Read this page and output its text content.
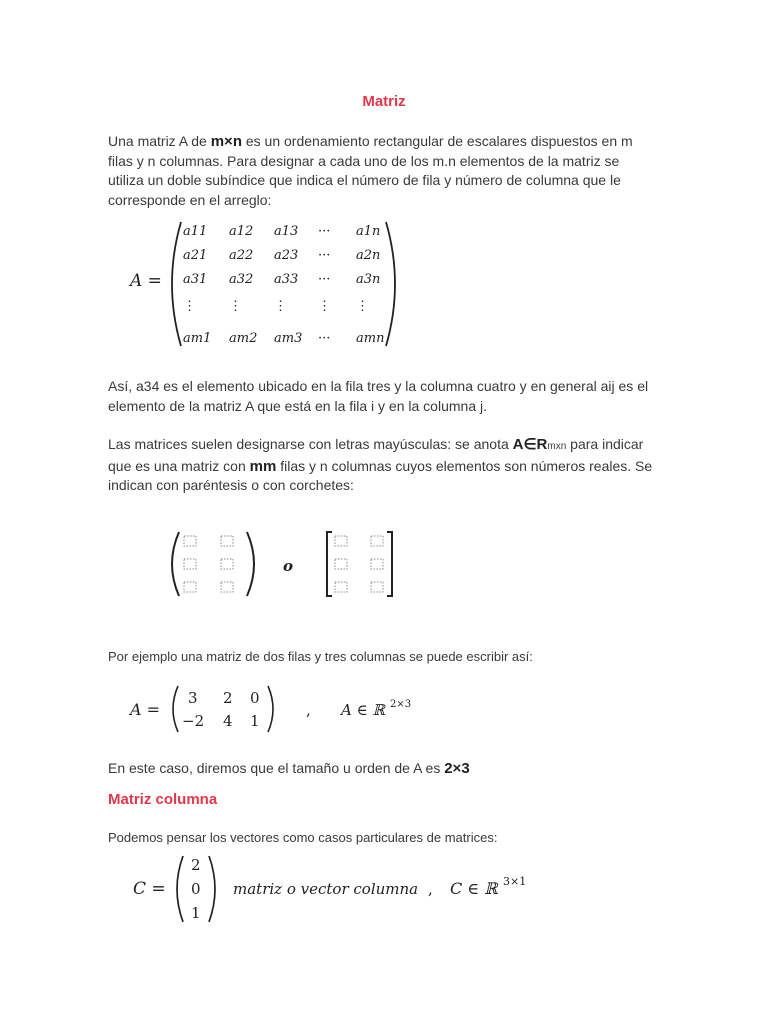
Matriz
Una matriz A de m×n es un ordenamiento rectangular de escalares dispuestos en m filas y n columnas. Para designar a cada uno de los m.n elementos de la matriz se utiliza un doble subíndice que indica el número de fila y número de columna que le corresponde en el arreglo:
A =
a11 a12 a13 ··· a1n
a21 a22 a23 ··· a2n
a31 a32 a33 ··· a3n
⋮	⋮ ⋮ ⋮ ⋮
am1 am2 am3 ··· amn
Así, a34 es el elemento ubicado en la fila tres y la columna cuatro y en general aij es el elemento de la matriz A que está en la fila i y en la columna j.
Las matrices suelen designarse con letras mayúsculas: se anota A∈Rmxn para indicar que es una matriz con mm filas y n columnas cuyos elementos son números reales. Se indican con paréntesis o con corchetes:
o
Por ejemplo una matriz de dos filas y tres columnas se puede escribir así:
A =
3 2 0
−2 4 1
, A ∈ ℝ 2×3
En este caso, diremos que el tamaño u orden de A es 2×3
Matriz columna
Podemos pensar los vectores como casos particulares de matrices:
C =
2
0
1
matriz o vector columna , C ∈ ℝ 3×1
